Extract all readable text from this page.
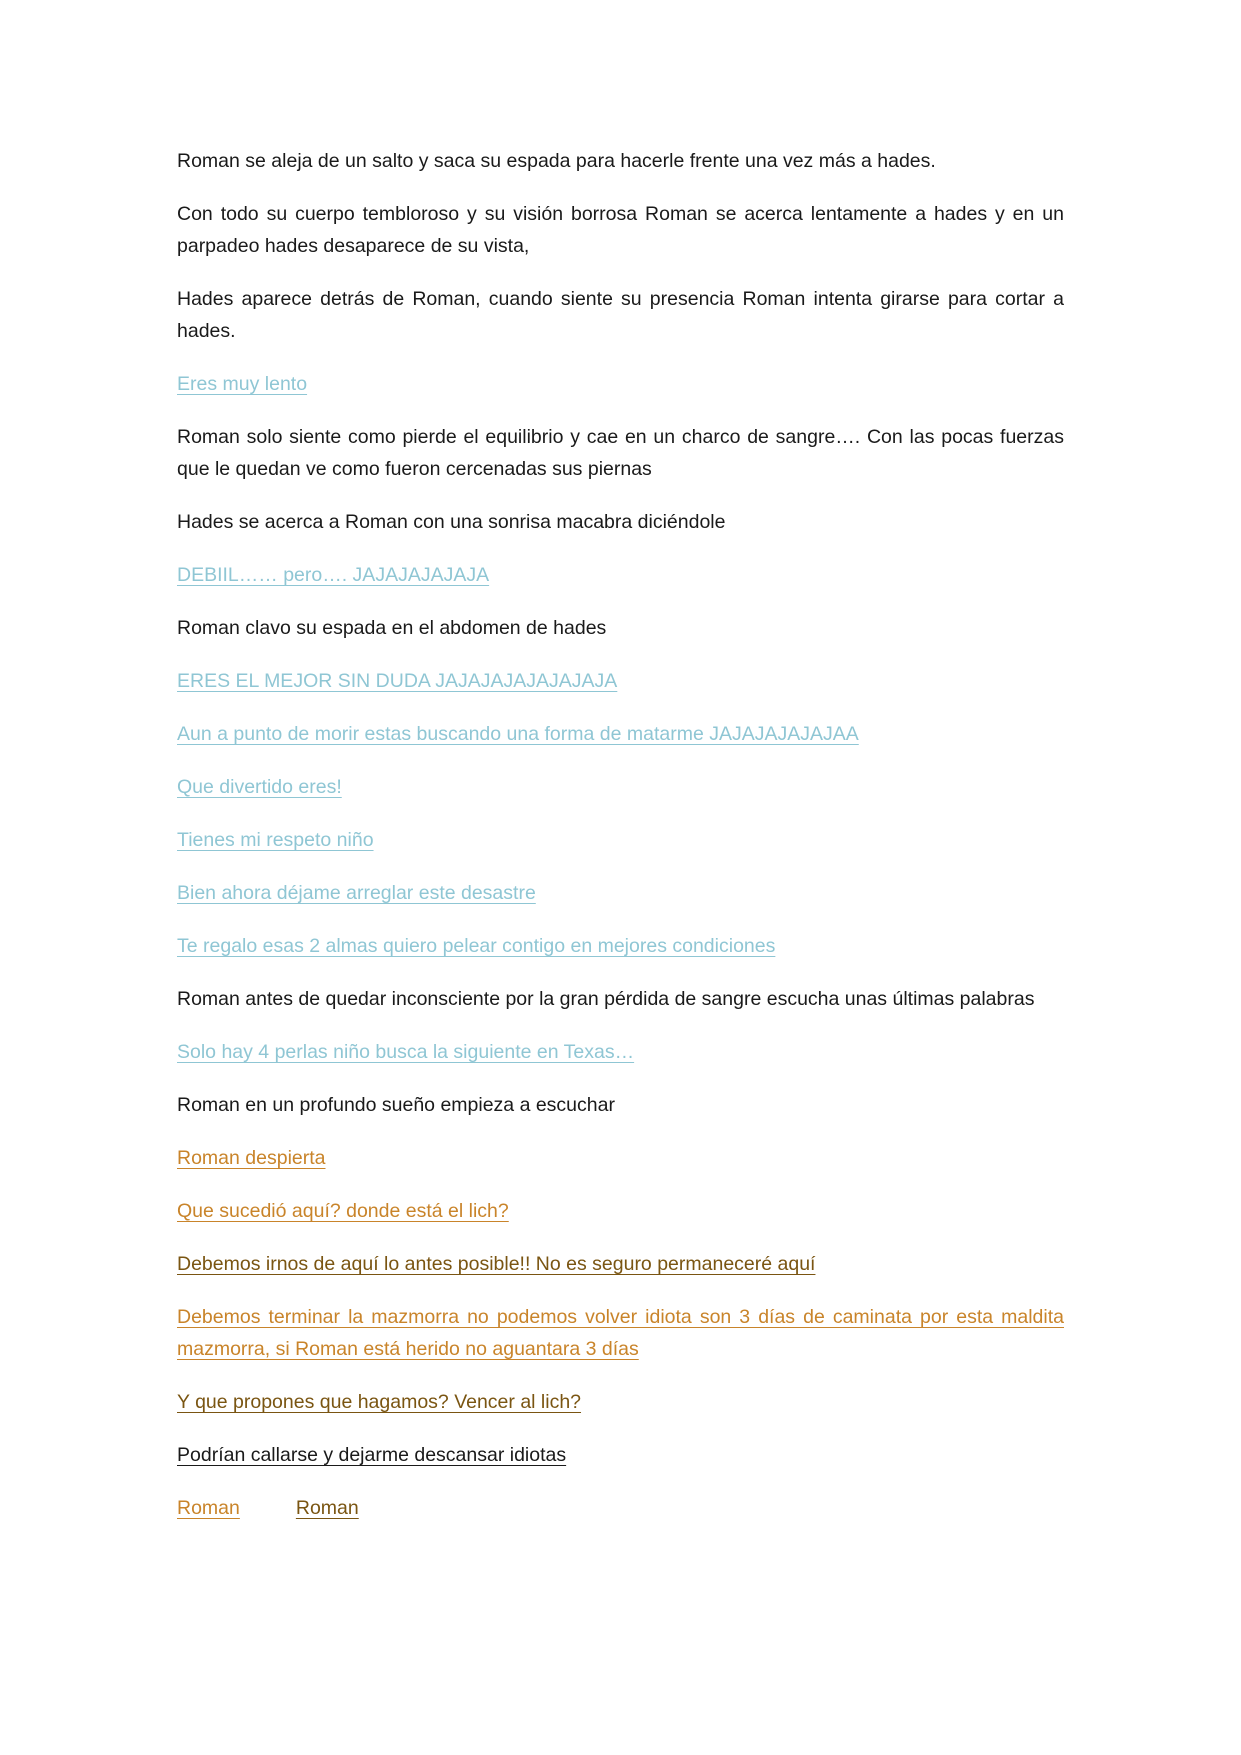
Roman se aleja de un salto y saca su espada para hacerle frente una vez más a hades.

Con todo su cuerpo tembloroso y su visión borrosa Roman se acerca lentamente a hades y en un parpadeo hades desaparece de su vista,

Hades aparece detrás de Roman, cuando siente su presencia Roman intenta girarse para cortar a hades.

Eres muy lento

Roman solo siente como pierde el equilibrio y cae en un charco de sangre…. Con las pocas fuerzas que le quedan ve como fueron cercenadas sus piernas

Hades se acerca a Roman con una sonrisa macabra diciéndole

DEBIIL…… pero…. JAJAJAJAJAJA

Roman clavo su espada en el abdomen de hades

ERES EL MEJOR SIN DUDA JAJAJAJAJAJAJAJA

Aun a punto de morir estas buscando una forma de matarme JAJAJAJAJAJAA

Que divertido eres!

Tienes mi respeto niño

Bien ahora déjame arreglar este desastre

Te regalo esas 2 almas quiero pelear contigo en mejores condiciones

Roman antes de quedar inconsciente por la gran pérdida de sangre escucha unas últimas palabras

Solo hay 4 perlas niño busca la siguiente en Texas…

Roman en un profundo sueño empieza a escuchar

Roman despierta

Que sucedió aquí? donde está el lich?

Debemos irnos de aquí lo antes posible!! No es seguro permaneceré aquí

Debemos terminar la mazmorra no podemos volver idiota son 3 días de caminata por esta maldita mazmorra, si Roman está herido no aguantara 3 días

Y que propones que hagamos? Vencer al lich?

Podrían callarse y dejarme descansar idiotas

Roman	Roman
